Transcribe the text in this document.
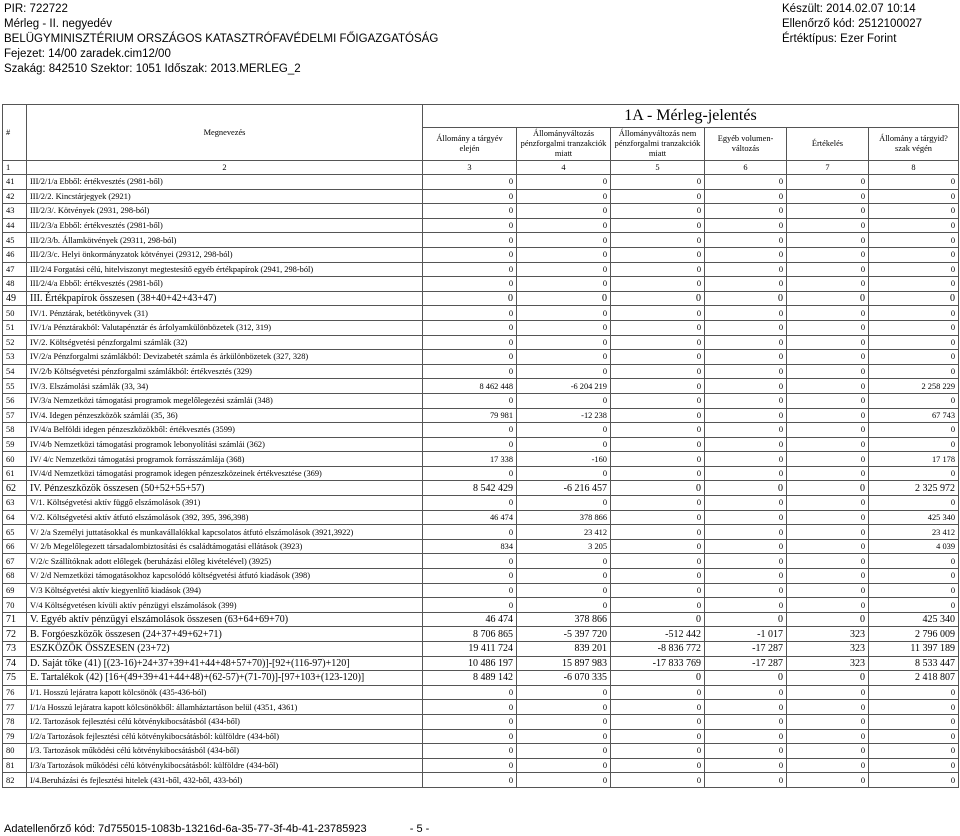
PIR: 722722
Mérleg - II. negyedév
BELÜGYMINISZTÉRIUM ORSZÁGOS KATASZTRÓFAVÉDELMI FŐIGAZGATÓSÁG
Fejezet: 14/00 zaradek.cim12/00
Szakág: 842510 Szektor: 1051 Időszak: 2013.MERLEG_2
Készült: 2014.02.07 10:14
Ellenőrző kód: 2512100027
Értéktípus: Ezer Forint
#	Megnevezés	1A - Mérleg-jelentés					
		Állomány a tárgyév elején	Állományváltozás pénzforgalmi tranzakciók miatt	Állományváltozás nem pénzforgalmi tranzakciók miatt	Egyéb volumen-változás	Értékelés	Állomány a tárgyid?szak végén
1	2	3	4	5	6	7	8
41	III/2/1/a Ebből: értékvesztés (2981-ből)	0	0	0	0	0	0
42	III/2/2. Kincstárjegyek (2921)	0	0	0	0	0	0
43	III/2/3/. Kötvények (2931, 298-ból)	0	0	0	0	0	0
44	III/2/3/a Ebből: értékvesztés (2981-ből)	0	0	0	0	0	0
45	III/2/3/b. Államkötvények (29311, 298-ból)	0	0	0	0	0	0
46	III/2/3/c. Helyi önkormányzatok kötvényei (29312, 298-ból)	0	0	0	0	0	0
47	III/2/4 Forgatási célú, hitelviszonyt megtestesítő egyéb értékpapírok (2941, 298-ból)	0	0	0	0	0	0
48	III/2/4/a Ebből: értékvesztés (2981-ből)	0	0	0	0	0	0
49	III. Értékpapírok összesen (38+40+42+43+47)	0	0	0	0	0	0
50	IV/1. Pénztárak, betétkönyvek (31)	0	0	0	0	0	0
51	IV/1/a Pénztárakból: Valutapénztár és árfolyamkülönbözetek (312, 319)	0	0	0	0	0	0
52	IV/2. Költségvetési pénzforgalmi számlák (32)	0	0	0	0	0	0
53	IV/2/a Pénzforgalmi számlákból: Devizabetét számla és árkülönbözetek (327, 328)	0	0	0	0	0	0
54	IV/2/b Költségvetési pénzforgalmi számlákból: értékvesztés (329)	0	0	0	0	0	0
55	IV/3. Elszámolási számlák (33, 34)	8 462 448	-6 204 219	0	0	0	2 258 229
56	IV/3/a Nemzetközi támogatási programok megelőlegezési számlái (348)	0	0	0	0	0	0
57	IV/4. Idegen pénzeszközök számlái (35, 36)	79 981	-12 238	0	0	0	67 743
58	IV/4/a Belföldi idegen pénzeszközökből: értékvesztés (3599)	0	0	0	0	0	0
59	IV/4/b Nemzetközi támogatási programok lebonyolítási számlái (362)	0	0	0	0	0	0
60	IV/ 4/c Nemzetközi támogatási programok forrásszámlája (368)	17 338	-160	0	0	0	17 178
61	IV/4/d Nemzetközi támogatási programok idegen pénzeszközeinek értékvesztése (369)	0	0	0	0	0	0
62	IV. Pénzeszközök összesen (50+52+55+57)	8 542 429	-6 216 457	0	0	0	2 325 972
63	V/1. Költségvetési aktív függő elszámolások (391)	0	0	0	0	0	0
64	V/2. Költségvetési aktív átfutó elszámolások (392, 395, 396,398)	46 474	378 866	0	0	0	425 340
65	V/ 2/a Személyi juttatásokkal és munkavállalókkal kapcsolatos átfutó elszámolások (3921,3922)	0	23 412	0	0	0	23 412
66	V/ 2/b Megelőlegezett társadalombiztosítási és családtámogatási ellátások (3923)	834	3 205	0	0	0	4 039
67	V/2/c Szállítóknak adott előlegek (beruházási előleg kivételével) (3925)	0	0	0	0	0	0
68	V/ 2/d Nemzetközi támogatásokhoz kapcsolódó költségvetési átfutó kiadások (398)	0	0	0	0	0	0
69	V/3 Költségvetési aktív kiegyenlítő kiadások (394)	0	0	0	0	0	0
70	V/4 Költségvetésen kívüli aktív pénzügyi elszámolások (399)	0	0	0	0	0	0
71	V. Egyéb aktív pénzügyi elszámolások összesen (63+64+69+70)	46 474	378 866	0	0	0	425 340
72	B. Forgóeszközök összesen (24+37+49+62+71)	8 706 865	-5 397 720	-512 442	-1 017	323	2 796 009
73	ESZKÖZÖK ÖSSZESEN (23+72)	19 411 724	839 201	-8 836 772	-17 287	323	11 397 189
74	D. Saját tőke (41) [(23-16)+24+37+39+41+44+48+57+70)]-[92+(116-97)+120]	10 486 197	15 897 983	-17 833 769	-17 287	323	8 533 447
75	E. Tartalékok (42) [16+(49+39+41+44+48)+(62-57)+(71-70)]-[97+103+(123-120)]	8 489 142	-6 070 335	0	0	0	2 418 807
76	I/1. Hosszú lejáratra kapott kölcsönök (435-436-ból)	0	0	0	0	0	0
77	I/1/a Hosszú lejáratra kapott kölcsönökből: államháztartáson belül (4351, 4361)	0	0	0	0	0	0
78	I/2. Tartozások fejlesztési célú kötvénykibocsátásból (434-ből)	0	0	0	0	0	0
79	I/2/a Tartozások fejlesztési célú kötvénykibocsátásból: külföldre (434-ből)	0	0	0	0	0	0
80	I/3. Tartozások működési célú kötvénykibocsátásból (434-ből)	0	0	0	0	0	0
81	I/3/a Tartozások működési célú kötvénykibocsátásból: külföldre (434-ből)	0	0	0	0	0	0
82	I/4.Beruházási és fejlesztési hitelek (431-ből, 432-ből, 433-ból)	0	0	0	0	0	0
Adatellenőrző kód: 7d755015-1083b-13216d-6a-35-77-3f-4b-41-23785923	- 5 -
